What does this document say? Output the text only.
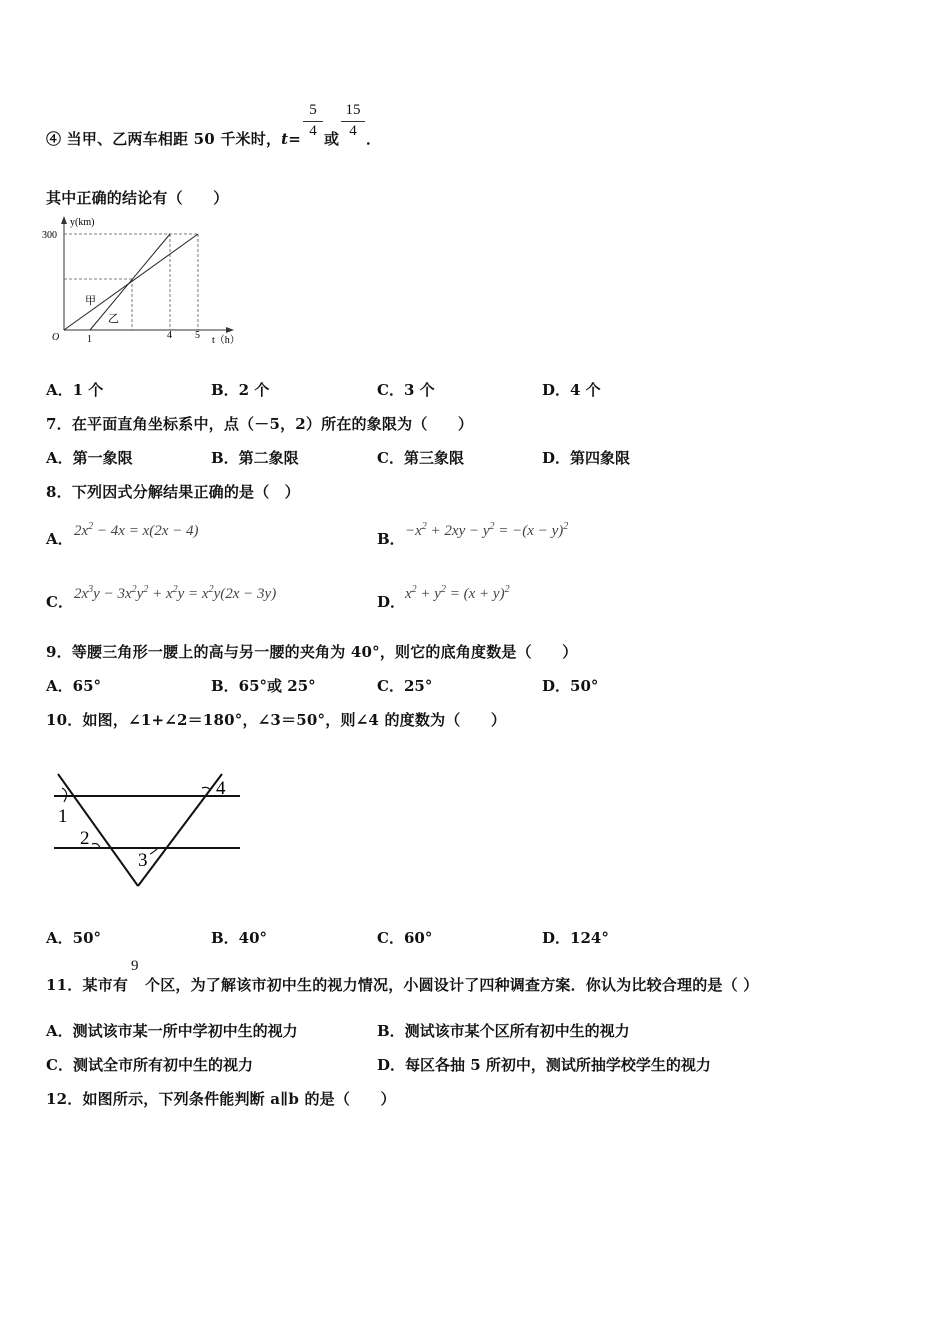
④ 当甲、乙两车相距 50 千米时，t=
5
4 或
15
4 ．
其中正确的结论有（　　）
y(km)
300
O	1	4 5 t（h）
甲
乙
A．1 个	B．2 个	C．3 个	D．4 个
7．在平面直角坐标系中，点（－5，2）所在的象限为（　　）
A．第一象限	B．第二象限	C．第三象限	D．第四象限
8．下列因式分解结果正确的是（　）
A． $2x^2 - 4x = x(2x - 4)$	B． $-x^2 + 2xy - y^2 = -(x - y)^2$
C． $2x^3y - 3x^2y^2 + x^2y = x^2y(2x - 3y)$	D． $x^2 + y^2 = (x + y)^2$
9．等腰三角形一腰上的高与另一腰的夹角为 40°，则它的底角度数是（　　）
A．65°	B．65°或 25°	C．25°	D．50°
10．如图，∠1+∠2＝180°，∠3＝50°，则∠4 的度数为（　　）
1
2
3
4
A．50°	B．40°	C．60°	D．124°
11．某市有
9
个区，为了解该市初中生的视力情况，小圆设计了四种调查方案．你认为比较合理的是（ ）
A．测试该市某一所中学初中生的视力	B．测试该市某个区所有初中生的视力
C．测试全市所有初中生的视力	D．每区各抽 5 所初中，测试所抽学校学生的视力
12．如图所示，下列条件能判断 a∥b 的是（　　）
